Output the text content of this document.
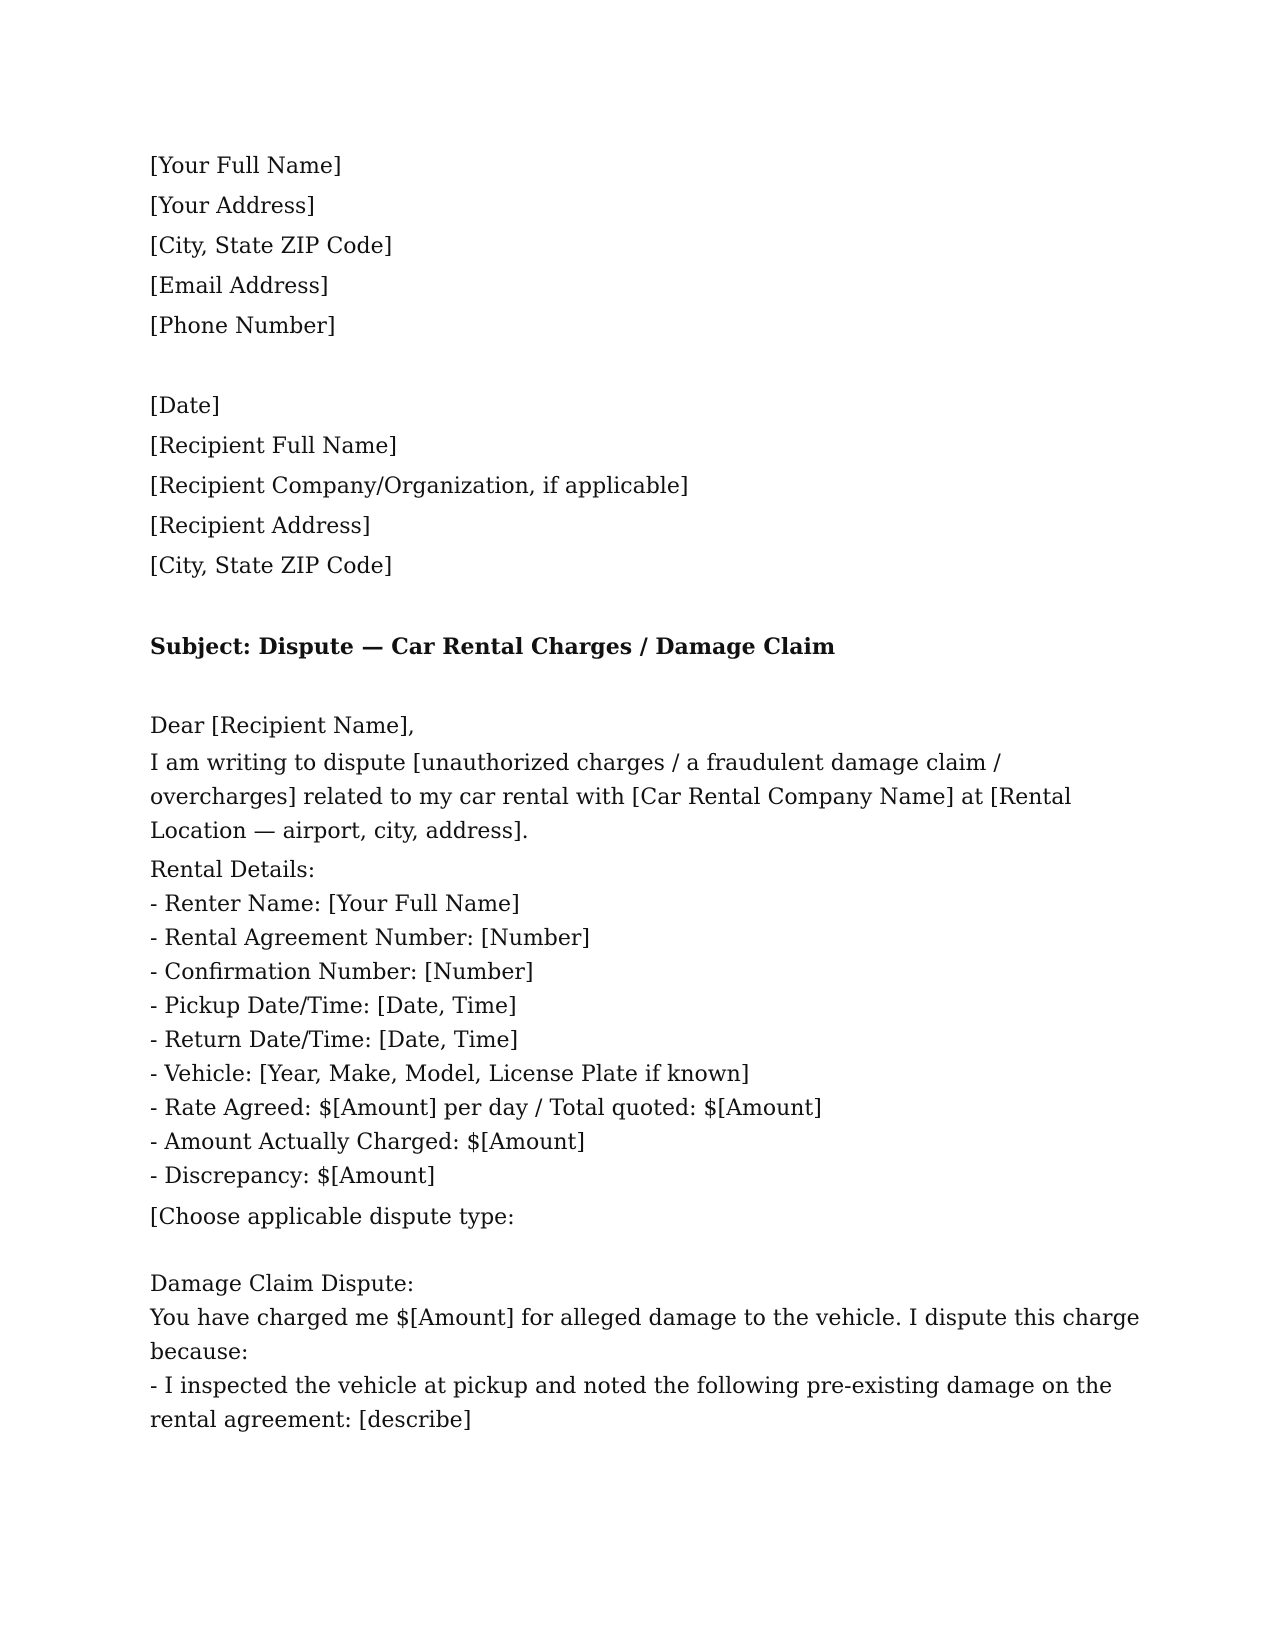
[Your Full Name]
[Your Address]
[City, State ZIP Code]
[Email Address]
[Phone Number]
[Date]
[Recipient Full Name]
[Recipient Company/Organization, if applicable]
[Recipient Address]
[City, State ZIP Code]
Subject: Dispute — Car Rental Charges / Damage Claim
Dear [Recipient Name],
I am writing to dispute [unauthorized charges / a fraudulent damage claim /
overcharges] related to my car rental with [Car Rental Company Name] at [Rental
Location — airport, city, address].
Rental Details:
- Renter Name: [Your Full Name]
- Rental Agreement Number: [Number]
- Confirmation Number: [Number]
- Pickup Date/Time: [Date, Time]
- Return Date/Time: [Date, Time]
- Vehicle: [Year, Make, Model, License Plate if known]
- Rate Agreed: $[Amount] per day / Total quoted: $[Amount]
- Amount Actually Charged: $[Amount]
- Discrepancy: $[Amount]
[Choose applicable dispute type:
Damage Claim Dispute:
You have charged me $[Amount] for alleged damage to the vehicle. I dispute this charge
because:
- I inspected the vehicle at pickup and noted the following pre-existing damage on the
rental agreement: [describe]
